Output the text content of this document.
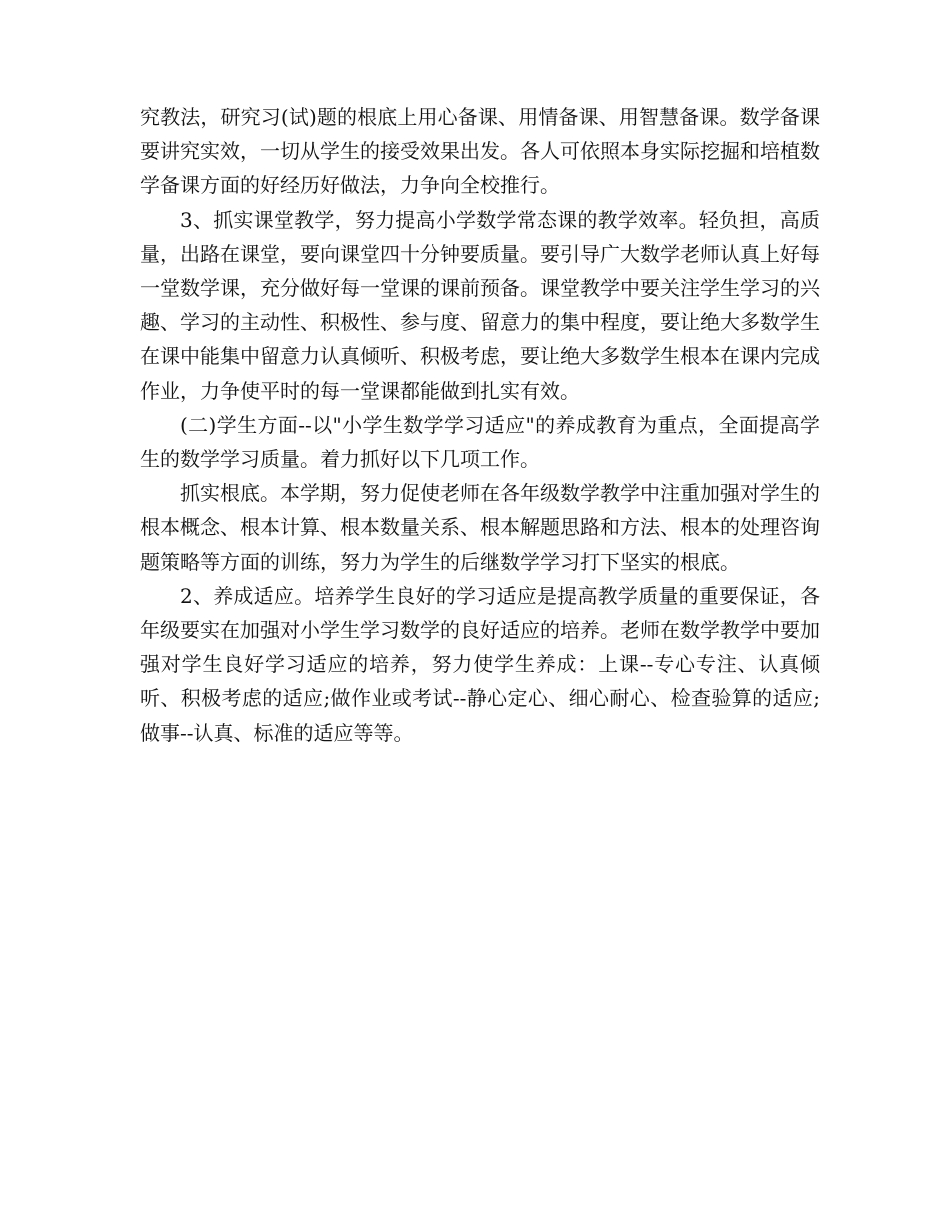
究教法，研究习(试)题的根底上用心备课、用情备课、用智慧备课。数学备课要讲究实效，一切从学生的接受效果出发。各人可依照本身实际挖掘和培植数学备课方面的好经历好做法，力争向全校推行。

3、抓实课堂教学，努力提高小学数学常态课的教学效率。轻负担，高质量，出路在课堂，要向课堂四十分钟要质量。要引导广大数学老师认真上好每一堂数学课，充分做好每一堂课的课前预备。课堂教学中要关注学生学习的兴趣、学习的主动性、积极性、参与度、留意力的集中程度，要让绝大多数学生在课中能集中留意力认真倾听、积极考虑，要让绝大多数学生根本在课内完成作业，力争使平时的每一堂课都能做到扎实有效。

(二)学生方面--以"小学生数学学习适应"的养成教育为重点，全面提高学生的数学学习质量。着力抓好以下几项工作。

抓实根底。本学期，努力促使老师在各年级数学教学中注重加强对学生的根本概念、根本计算、根本数量关系、根本解题思路和方法、根本的处理咨询题策略等方面的训练，努力为学生的后继数学学习打下坚实的根底。

2、养成适应。培养学生良好的学习适应是提高教学质量的重要保证，各年级要实在加强对小学生学习数学的良好适应的培养。老师在数学教学中要加强对学生良好学习适应的培养，努力使学生养成：上课--专心专注、认真倾听、积极考虑的适应;做作业或考试--静心定心、细心耐心、检查验算的适应;做事--认真、标准的适应等等。
